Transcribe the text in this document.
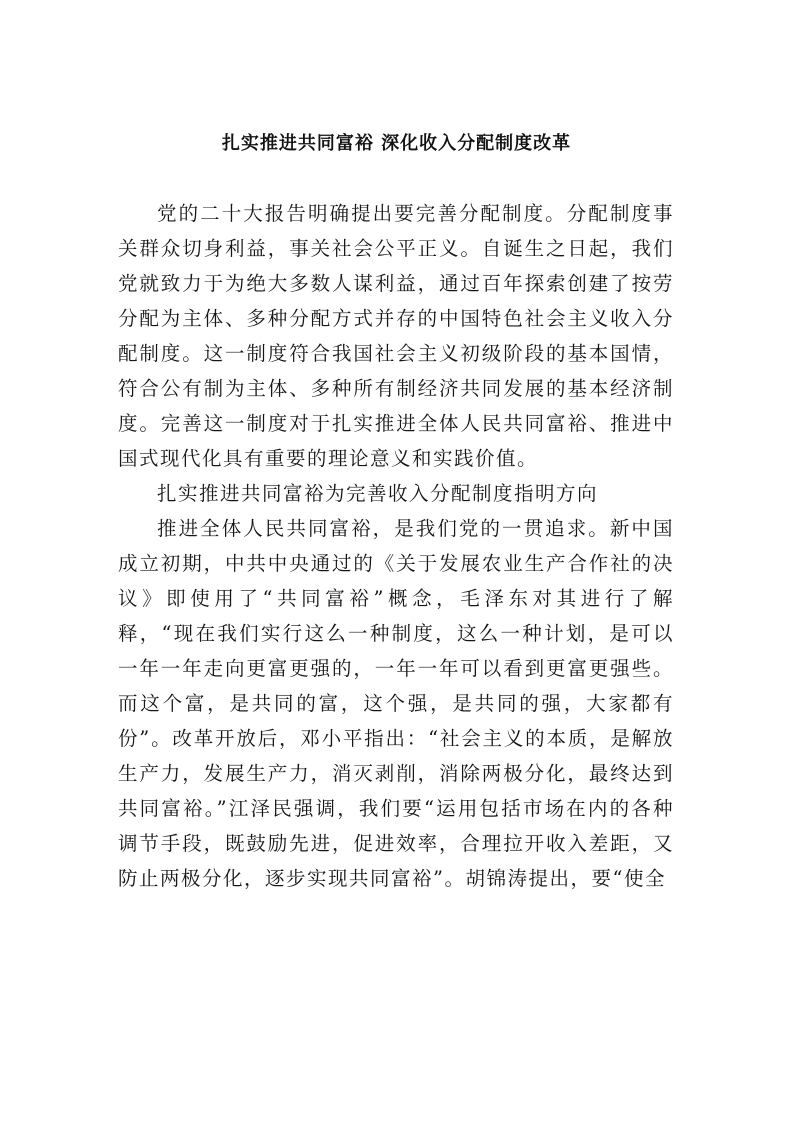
扎实推进共同富裕 深化收入分配制度改革

党的二十大报告明确提出要完善分配制度。分配制度事关群众切身利益，事关社会公平正义。自诞生之日起，我们党就致力于为绝大多数人谋利益，通过百年探索创建了按劳分配为主体、多种分配方式并存的中国特色社会主义收入分配制度。这一制度符合我国社会主义初级阶段的基本国情，符合公有制为主体、多种所有制经济共同发展的基本经济制度。完善这一制度对于扎实推进全体人民共同富裕、推进中国式现代化具有重要的理论意义和实践价值。

扎实推进共同富裕为完善收入分配制度指明方向

推进全体人民共同富裕，是我们党的一贯追求。新中国成立初期，中共中央通过的《关于发展农业生产合作社的决议》即使用了“共同富裕”概念，毛泽东对其进行了解释，“现在我们实行这么一种制度，这么一种计划，是可以一年一年走向更富更强的，一年一年可以看到更富更强些。而这个富，是共同的富，这个强，是共同的强，大家都有份”。改革开放后，邓小平指出：“社会主义的本质，是解放生产力，发展生产力，消灭剥削，消除两极分化，最终达到共同富裕。”江泽民强调，我们要“运用包括市场在内的各种调节手段，既鼓励先进，促进效率，合理拉开收入差距，又防止两极分化，逐步实现共同富裕”。胡锦涛提出，要“使全
